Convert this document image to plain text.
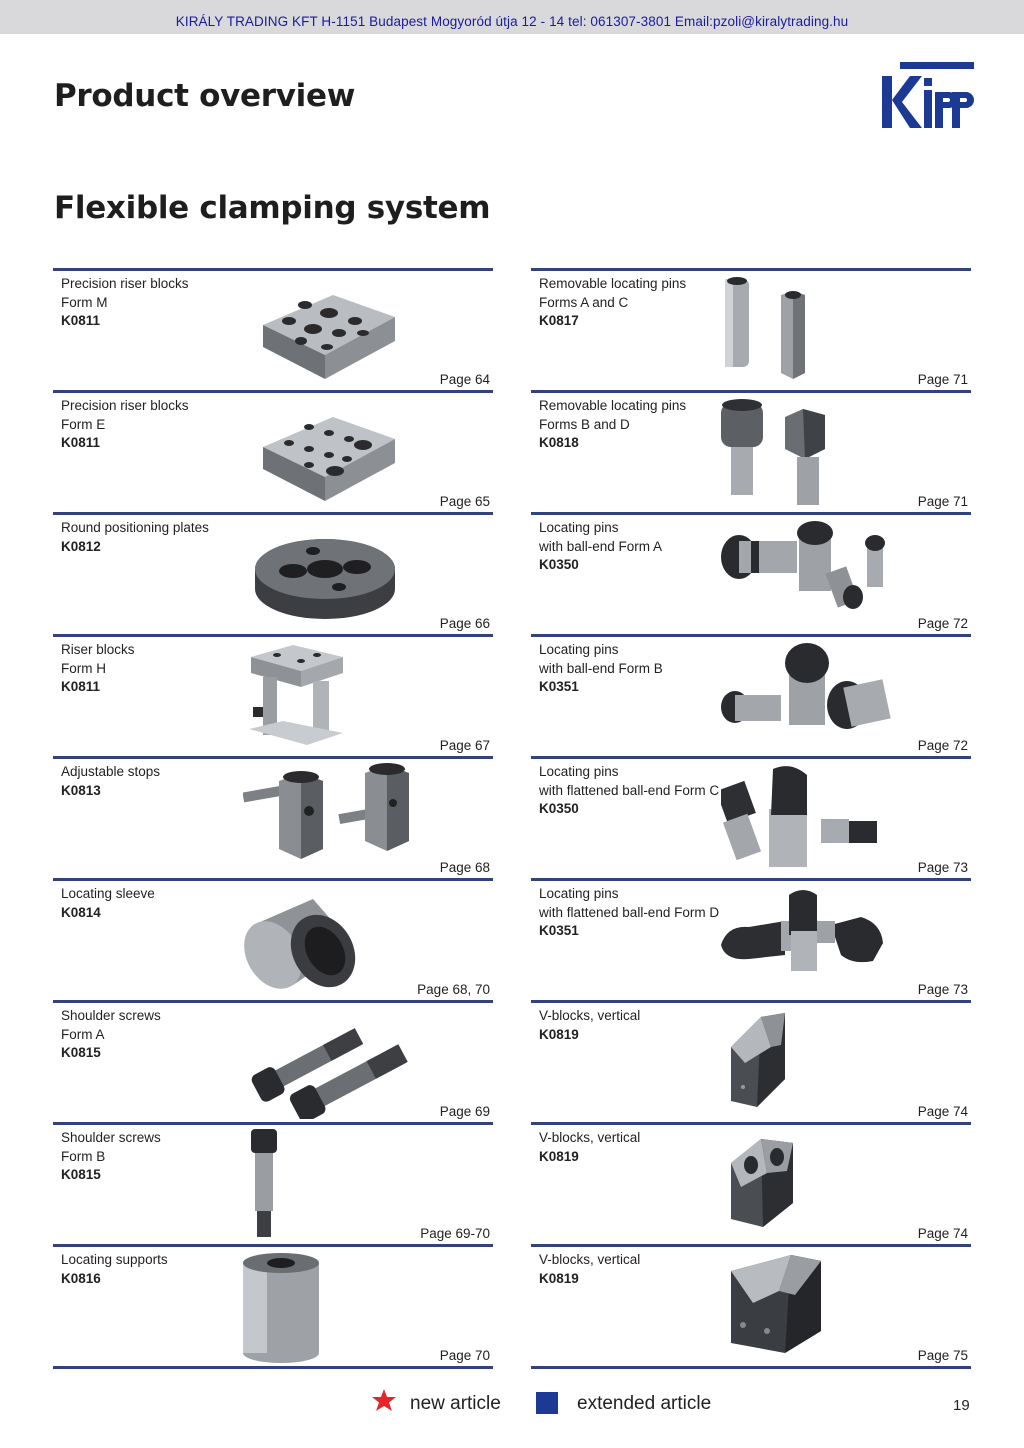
KIRÁLY TRADING KFT H-1151 Budapest Mogyoród útja 12 - 14 tel: 061307-3801 Email:pzoli@kiralytrading.hu
Product overview
Flexible clamping system
Precision riser blocks
Form M
K0811
Page 64
Precision riser blocks
Form E
K0811
Page 65
Round positioning plates
K0812
Page 66
Riser blocks
Form H
K0811
Page 67
Adjustable stops
K0813
Page 68
Locating sleeve
K0814
Page 68, 70
Shoulder screws
Form A
K0815
Page 69
Shoulder screws
Form B
K0815
Page 69-70
Locating supports
K0816
Page 70
Removable locating pins
Forms A and C
K0817
Page 71
Removable locating pins
Forms B and D
K0818
Page 71
Locating pins
with ball-end Form A
K0350
Page 72
Locating pins
with ball-end Form B
K0351
Page 72
Locating pins
with flattened ball-end Form C
K0350
Page 73
Locating pins
with flattened ball-end Form D
K0351
Page 73
V-blocks, vertical
K0819
Page 74
V-blocks, vertical
K0819
Page 74
V-blocks, vertical
K0819
Page 75
new article	extended article	19
